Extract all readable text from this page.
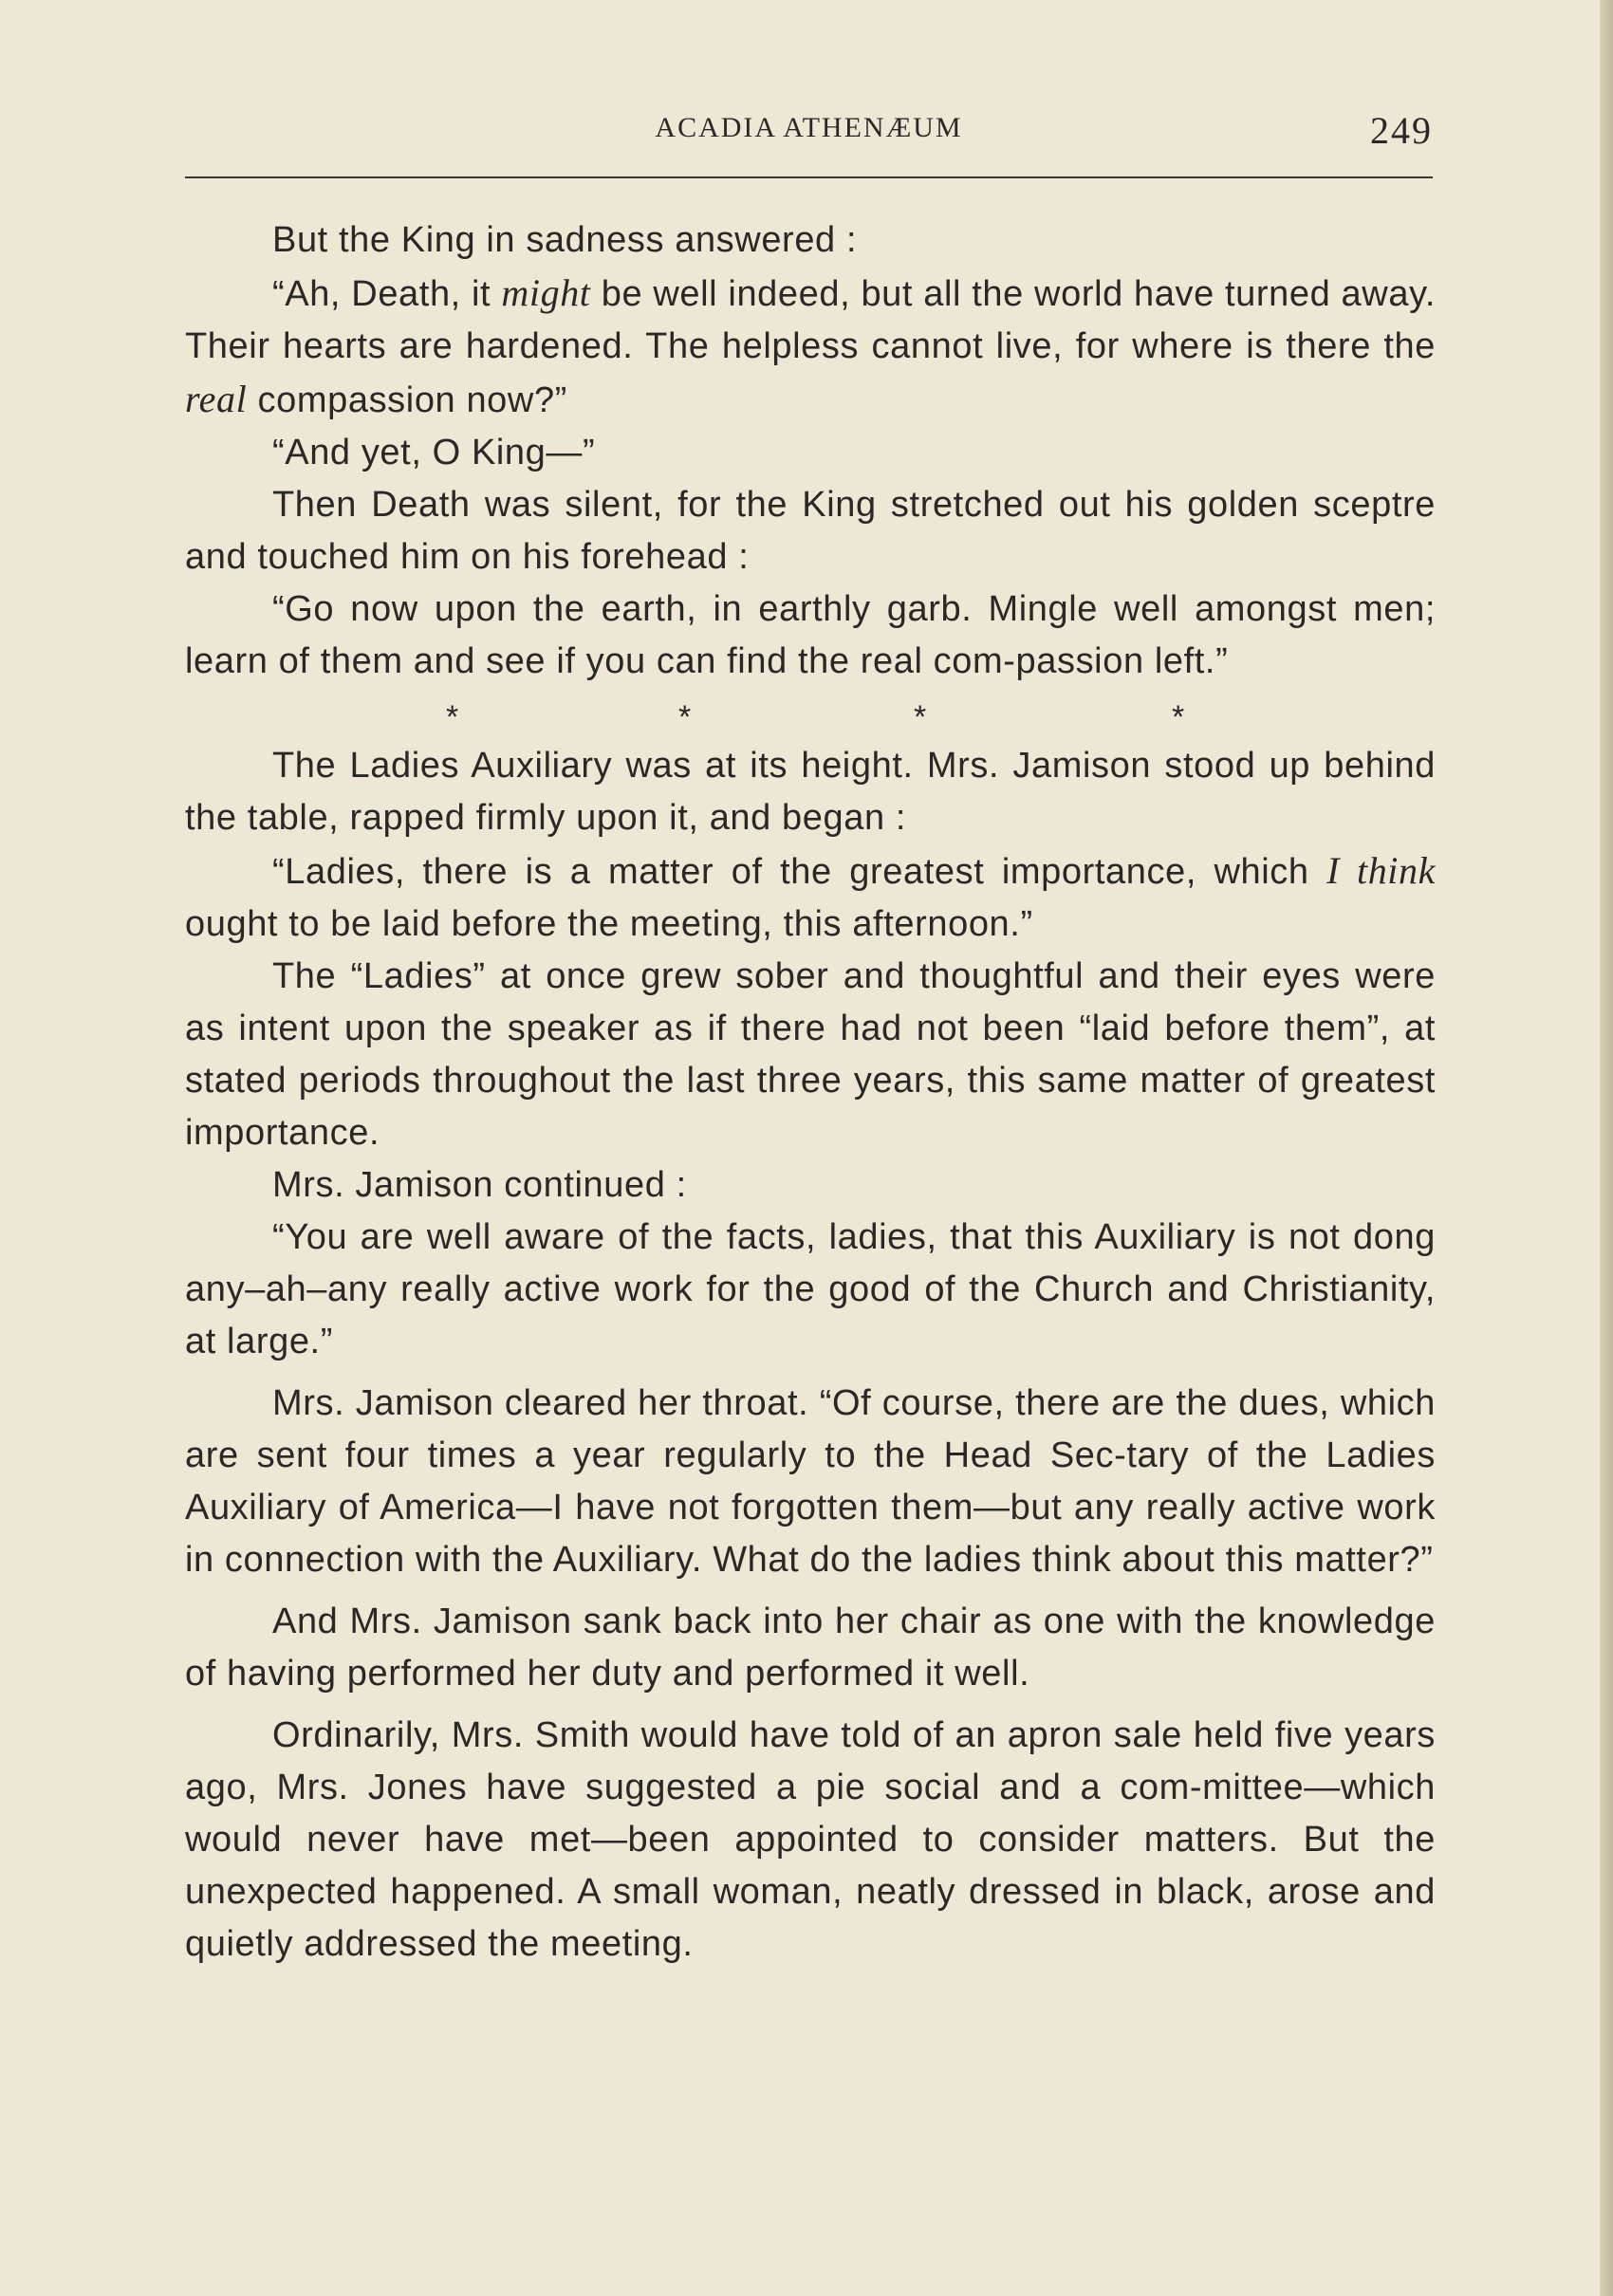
ACADIA ATHENÆUM	249

But the King in sadness answered :

“Ah, Death, it might be well indeed, but all the world have turned away. Their hearts are hardened. The helpless cannot live, for where is there the real compassion now?”

“And yet, O King—”

Then Death was silent, for the King stretched out his golden sceptre and touched him on his forehead :

“Go now upon the earth, in earthly garb. Mingle well amongst men; learn of them and see if you can find the real com-passion left.”

*	*	*	*

The Ladies Auxiliary was at its height. Mrs. Jamison stood up behind the table, rapped firmly upon it, and began :

“Ladies, there is a matter of the greatest importance, which I think ought to be laid before the meeting, this afternoon.”

The “Ladies” at once grew sober and thoughtful and their eyes were as intent upon the speaker as if there had not been “laid before them”, at stated periods throughout the last three years, this same matter of greatest importance.

Mrs. Jamison continued :

“You are well aware of the facts, ladies, that this Auxiliary is not dong any–ah–any really active work for the good of the Church and Christianity, at large.”

Mrs. Jamison cleared her throat. “Of course, there are the dues, which are sent four times a year regularly to the Head Sec-tary of the Ladies Auxiliary of America—I have not forgotten them—but any really active work in connection with the Auxiliary. What do the ladies think about this matter?”

And Mrs. Jamison sank back into her chair as one with the knowledge of having performed her duty and performed it well.

Ordinarily, Mrs. Smith would have told of an apron sale held five years ago, Mrs. Jones have suggested a pie social and a com-mittee—which would never have met—been appointed to consider matters. But the unexpected happened. A small woman, neatly dressed in black, arose and quietly addressed the meeting.
